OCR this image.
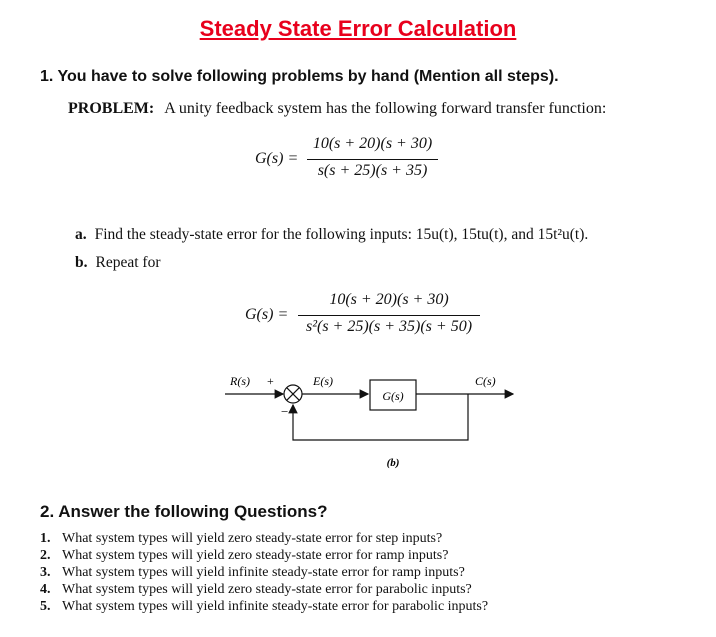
Steady State Error Calculation
1. You have to solve following problems by hand (Mention all steps).
PROBLEM: A unity feedback system has the following forward transfer function:
G(s) =
10(s + 20)(s + 30)
s(s + 25)(s + 35)
a. Find the steady-state error for the following inputs: 15u(t), 15tu(t), and 15t²u(t).
b. Repeat for
G(s) =
10(s + 20)(s + 30)
s²(s + 25)(s + 35)(s + 50)
R(s) +
−
E(s)
G(s)
C(s)
(b)
2. Answer the following Questions?
1. What system types will yield zero steady-state error for step inputs?
2. What system types will yield zero steady-state error for ramp inputs?
3. What system types will yield infinite steady-state error for ramp inputs?
4. What system types will yield zero steady-state error for parabolic inputs?
5. What system types will yield infinite steady-state error for parabolic inputs?
